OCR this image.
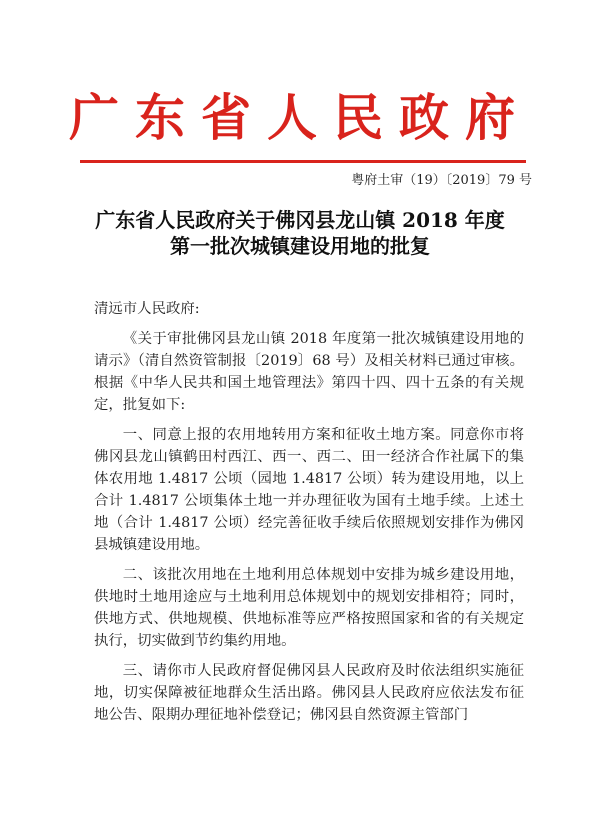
广东省人民政府
粤府土审（19）〔2019〕79 号
广东省人民政府关于佛冈县龙山镇 2018 年度
第一批次城镇建设用地的批复
清远市人民政府:

《关于审批佛冈县龙山镇 2018 年度第一批次城镇建设用地的请示》（清自然资管制报〔2019〕68 号）及相关材料已通过审核。根据《中华人民共和国土地管理法》第四十四、四十五条的有关规定，批复如下:

一、同意上报的农用地转用方案和征收土地方案。同意你市将佛冈县龙山镇鹤田村西江、西一、西二、田一经济合作社属下的集体农用地 1.4817 公顷（园地 1.4817 公顷）转为建设用地，以上合计 1.4817 公顷集体土地一并办理征收为国有土地手续。上述土地（合计 1.4817 公顷）经完善征收手续后依照规划安排作为佛冈县城镇建设用地。

二、该批次用地在土地利用总体规划中安排为城乡建设用地，供地时土地用途应与土地利用总体规划中的规划安排相符；同时，供地方式、供地规模、供地标准等应严格按照国家和省的有关规定执行，切实做到节约集约用地。

三、请你市人民政府督促佛冈县人民政府及时依法组织实施征地，切实保障被征地群众生活出路。佛冈县人民政府应依法发布征地公告、限期办理征地补偿登记；佛冈县自然资源主管部门
